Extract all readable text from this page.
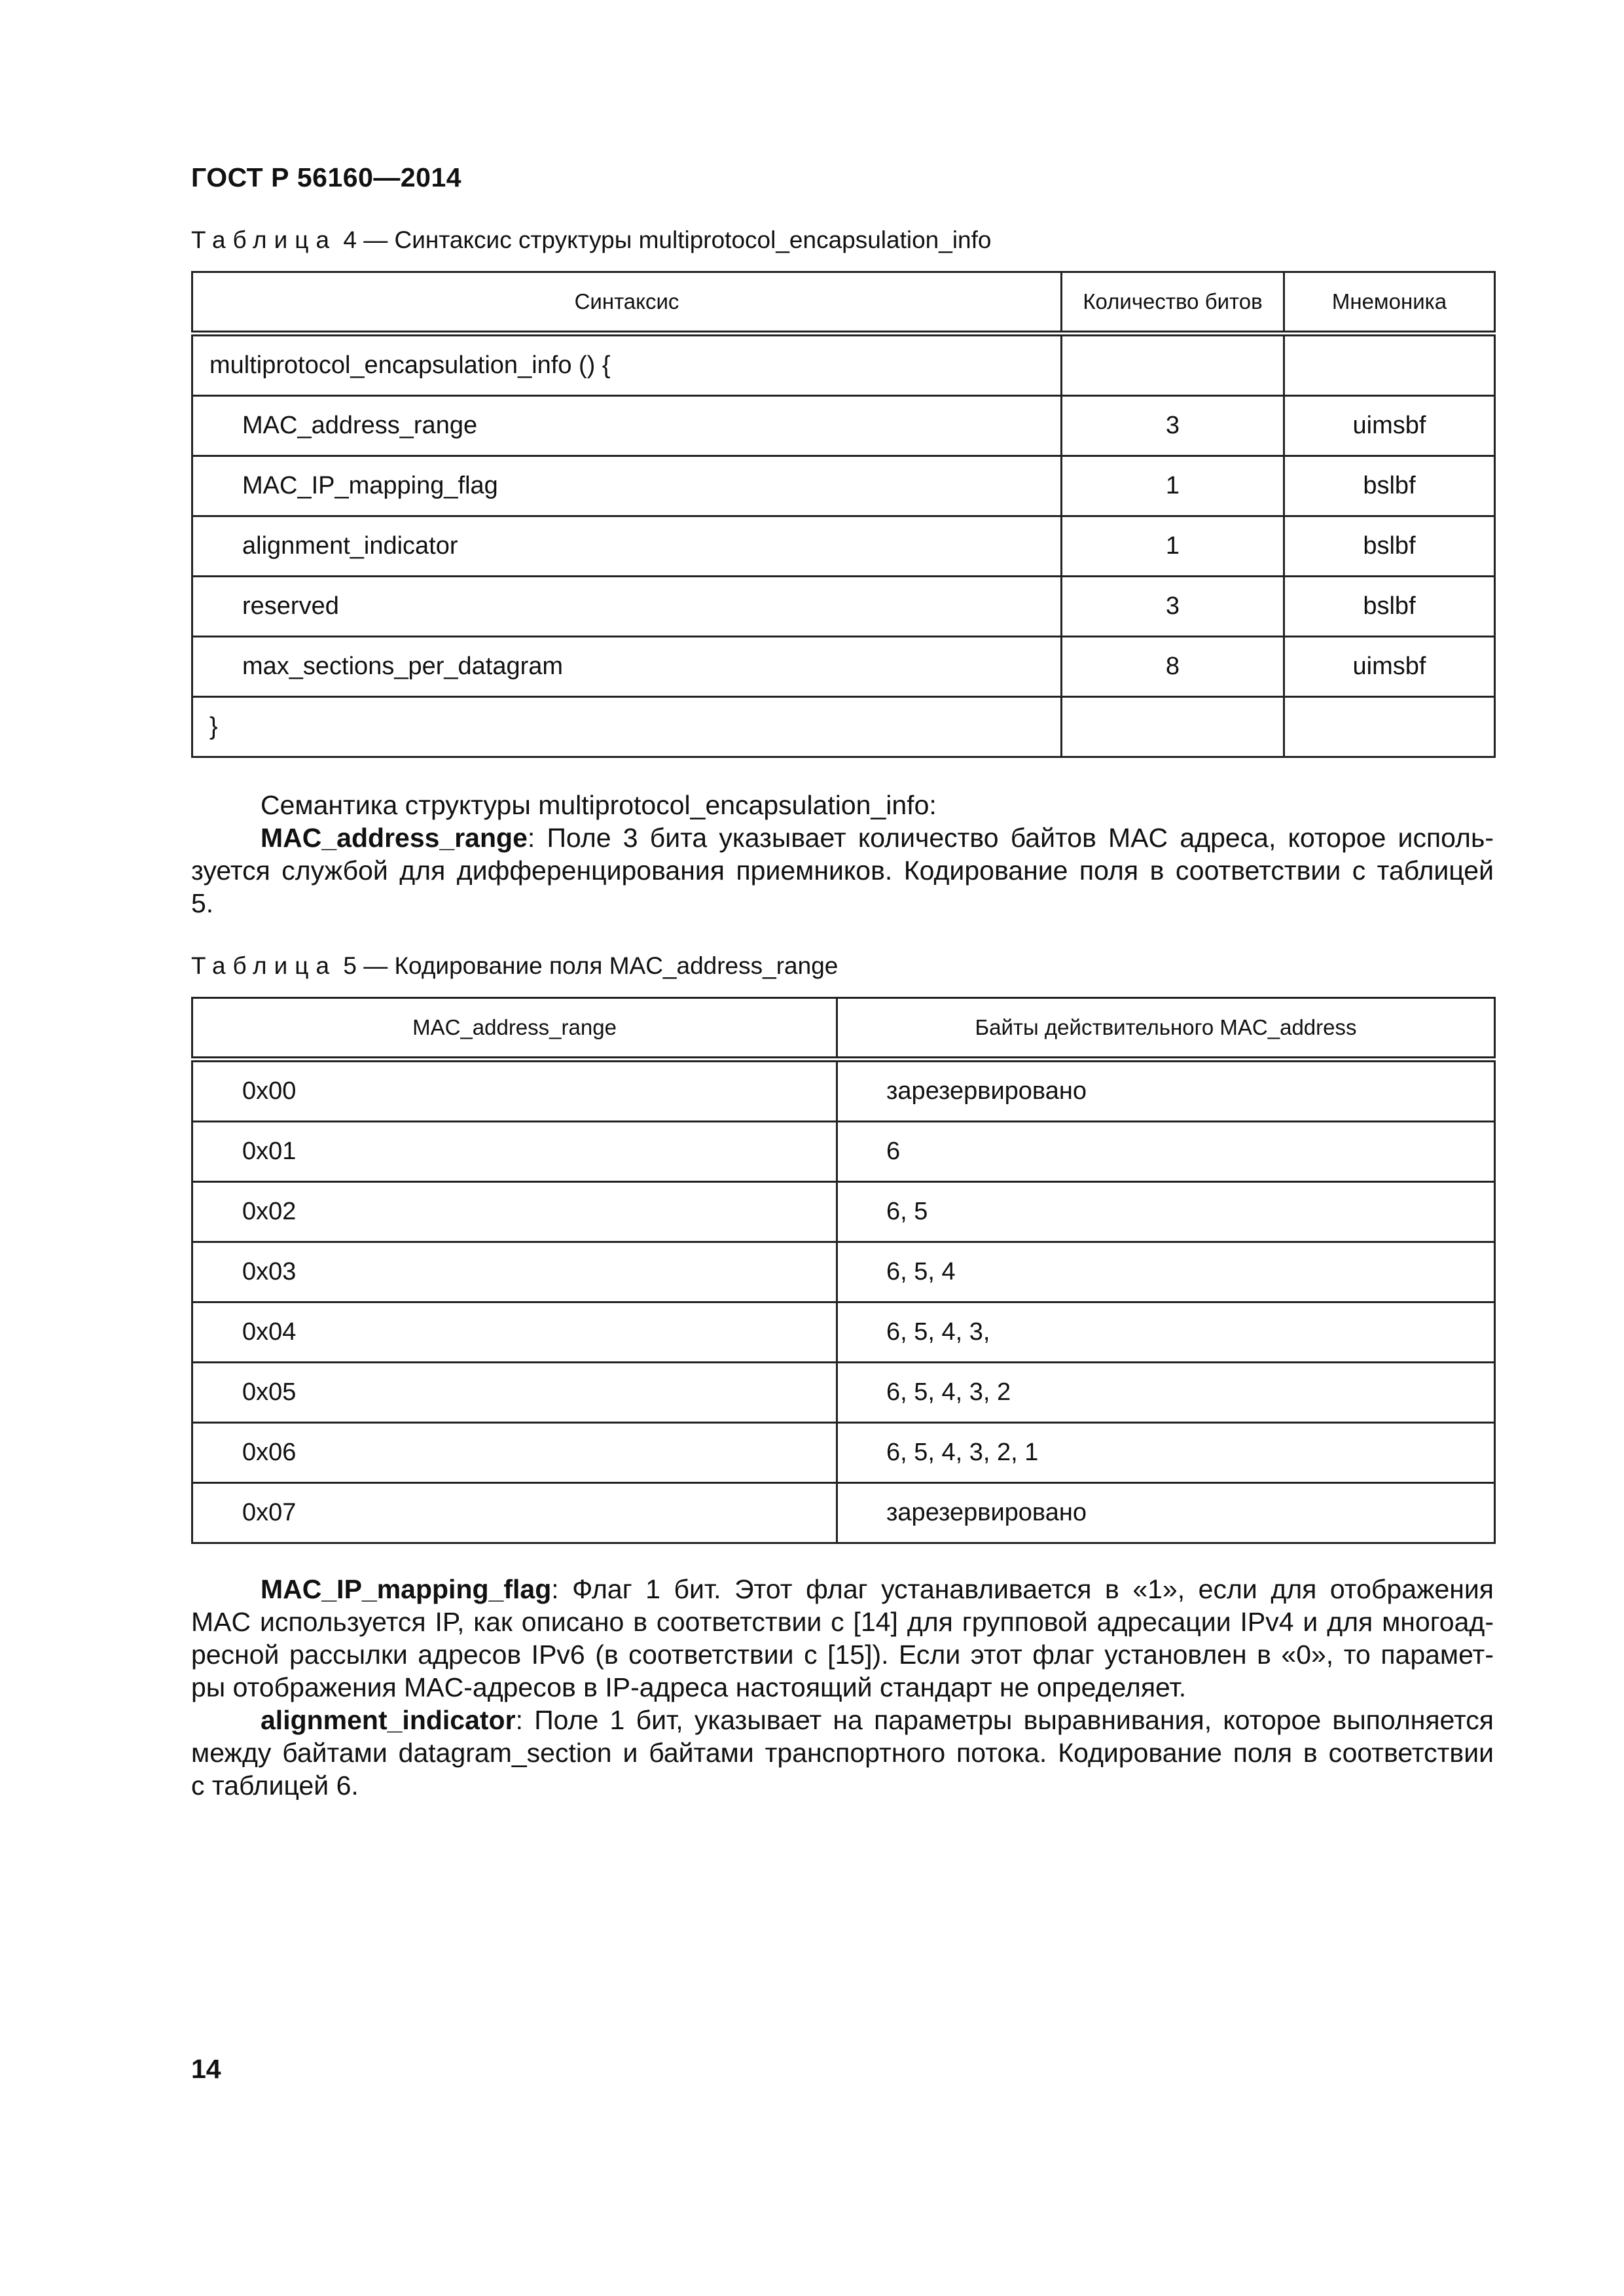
ГОСТ Р 56160—2014
Таблица 4 — Синтаксис структуры multiprotocol_encapsulation_info
Синтаксис	Количество битов	Мнемоника
multiprotocol_encapsulation_info () {		
MAC_address_range	3	uimsbf
MAC_IP_mapping_flag	1	bslbf
alignment_indicator	1	bslbf
reserved	3	bslbf
max_sections_per_datagram	8	uimsbf
}		
Семантика структуры multiprotocol_encapsulation_info:
MAC_address_range: Поле 3 бита указывает количество байтов MAC адреса, которое исполь-
зуется службой для дифференцирования приемников. Кодирование поля в соответствии с таблицей
5.
Таблица 5 — Кодирование поля MAC_address_range
MAC_address_range	Байты действительного MAC_address
0x00	зарезервировано
0x01	6
0x02	6, 5
0x03	6, 5, 4
0x04	6, 5, 4, 3,
0x05	6, 5, 4, 3, 2
0x06	6, 5, 4, 3, 2, 1
0x07	зарезервировано
MAC_IP_mapping_flag: Флаг 1 бит. Этот флаг устанавливается в «1», если для отображения
MAC используется IP, как описано в соответствии с [14] для групповой адресации IPv4 и для многоад-
ресной рассылки адресов IPv6 (в соответствии с [15]). Если этот флаг установлен в «0», то парамет-
ры отображения MAC-адресов в IP-адреса настоящий стандарт не определяет.
alignment_indicator: Поле 1 бит, указывает на параметры выравнивания, которое выполняется
между байтами datagram_section и байтами транспортного потока. Кодирование поля в соответствии
с таблицей 6.
14
